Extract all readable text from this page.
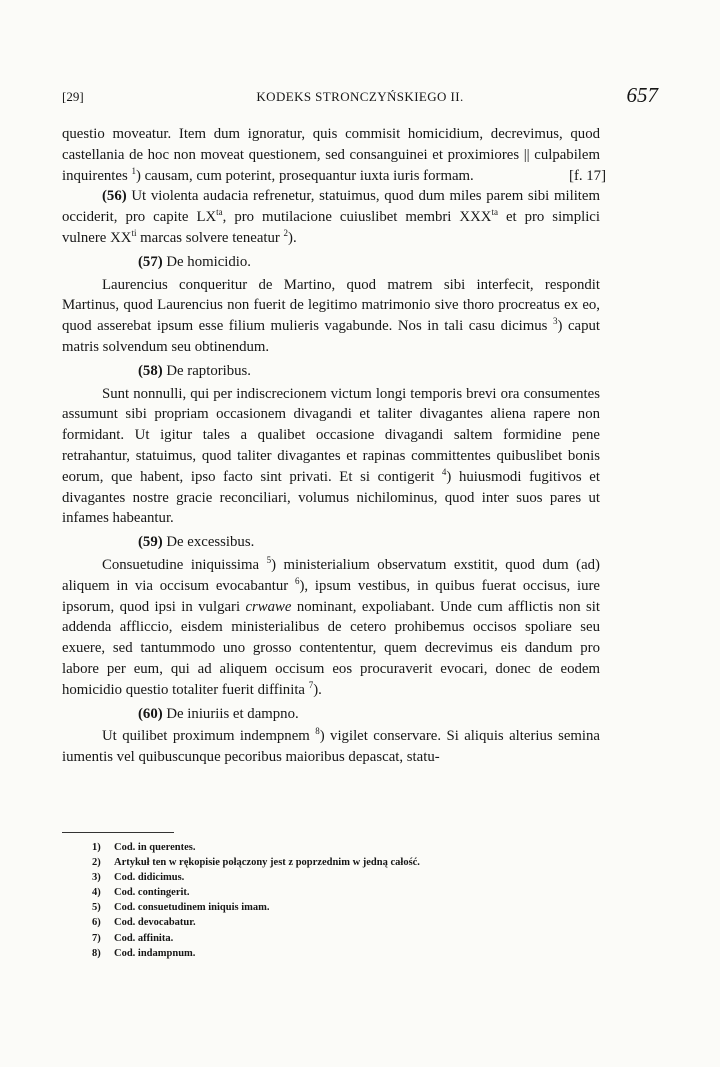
[29]	KODEKS STRONCZYŃSKIEGO II.	657

questio moveatur. Item dum ignoratur, quis commisit homicidium, decrevimus, quod castellania de hoc non moveat questionem, sed consanguinei et proximiores || culpabilem inquirentes $^1$	[f. 17]
) causam, cum poterint, prosequantur iuxta iuris formam.

(56) Ut violenta audacia refrenetur, statuimus, quod dum miles parem sibi militem occiderit, pro capite $LX^{ta}$, pro mutilacione cuiuslibet membri $XXX^{ta}$ et pro simplici vulnere $XX^{ti}$ marcas solvere teneatur $^2$).

(57) De homicidio.

Laurencius conqueritur de Martino, quod matrem sibi interfecit, respondit Martinus, quod Laurencius non fuerit de legitimo matrimonio sive thoro procreatus ex eo, quod asserebat ipsum esse filium mulieris vagabunde. Nos in tali casu dicimus $^3$) caput matris solvendum seu obtinendum.

(58) De raptoribus.

Sunt nonnulli, qui per indiscrecionem victum longi temporis brevi ora consumentes assumunt sibi propriam occasionem divagandi et taliter divagantes aliena rapere non formidant. Ut igitur tales a qualibet occasione divagandi saltem formidine pene retrahantur, statuimus, quod taliter divagantes et rapinas committentes quibuslibet bonis eorum, que habent, ipso facto sint privati. Et si contigerit $^4$) huiusmodi fugitivos et divagantes nostre gracie reconciliari, volumus nichilominus, quod inter suos pares ut infames habeantur.

(59) De excessibus.

Consuetudine iniquissima $^5$) ministerialium observatum exstitit, quod dum (ad) aliquem in via occisum evocabantur $^6$), ipsum vestibus, in quibus fuerat occisus, iure ipsorum, quod ipsi in vulgari crwawe nominant, expoliabant. Unde cum afflictis non sit addenda affliccio, eisdem ministerialibus de cetero prohibemus occisos spoliare seu exuere, sed tantummodo uno grosso contententur, quem decrevimus eis dandum pro labore per eum, qui ad aliquem occisum eos procuraverit evocari, donec de eodem homicidio questio totaliter fuerit diffinita $^7$).

(60) De iniuriis et dampno.

Ut quilibet proximum indempnem $^8$) vigilet conservare. Si aliquis alterius semina iumentis vel quibuscunque pecoribus maioribus depascat, statu-

1) Cod. in querentes.
2) Artykuł ten w rękopisie połączony jest z poprzednim w jedną całość.
3) Cod. didicimus.
4) Cod. contingerit.
5) Cod. consuetudinem iniquis imam.
6) Cod. devocabatur.
7) Cod. affinita.
8) Cod. indampnum.
